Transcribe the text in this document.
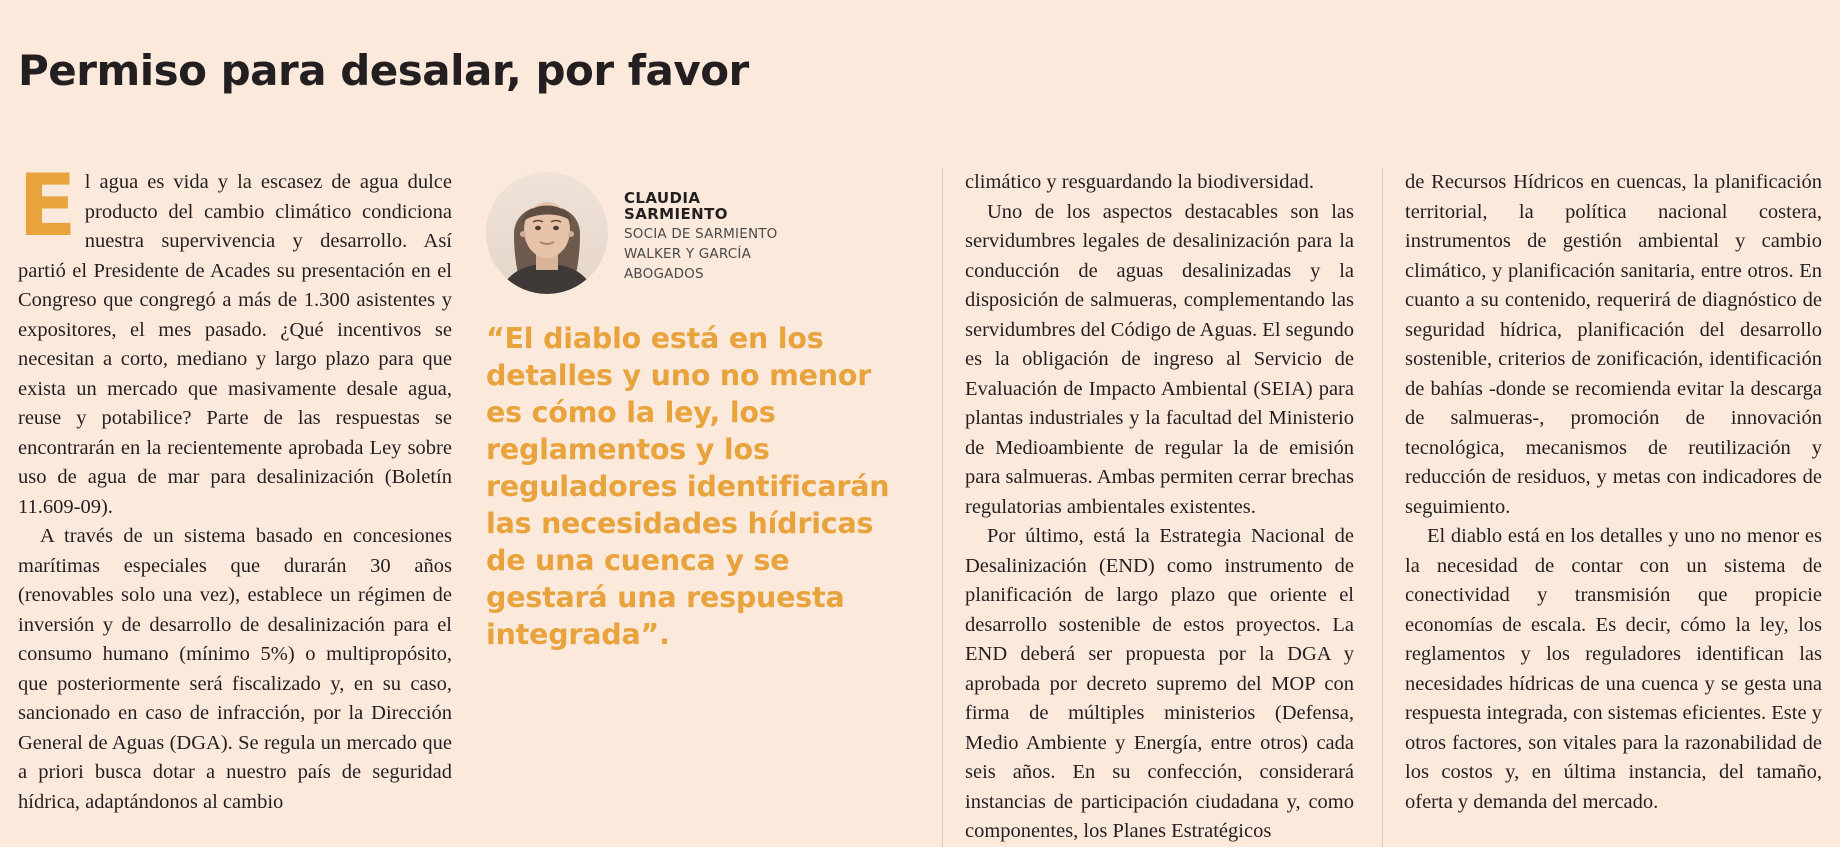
Permiso para desalar, por favor

El agua es vida y la escasez de agua dulce producto del cambio climático condiciona nuestra supervivencia y desarrollo. Así partió el Presidente de Acades su presentación en el Congreso que congregó a más de 1.300 asistentes y expositores, el mes pasado. ¿Qué incentivos se necesitan a corto, mediano y largo plazo para que exista un mercado que masivamente desale agua, reuse y potabilice? Parte de las respuestas se encontrarán en la recientemente aprobada Ley sobre uso de agua de mar para desalinización (Boletín 11.609-09).

A través de un sistema basado en concesiones marítimas especiales que durarán 30 años (renovables solo una vez), establece un régimen de inversión y de desarrollo de desalinización para el consumo humano (mínimo 5%) o multipropósito, que posteriormente será fiscalizado y, en su caso, sancionado en caso de infracción, por la Dirección General de Aguas (DGA). Se regula un mercado que a priori busca dotar a nuestro país de seguridad hídrica, adaptándonos al cambio

CLAUDIA
SARMIENTO
SOCIA DE SARMIENTO
WALKER Y GARCÍA
ABOGADOS
“El diablo está en los detalles y uno no menor es cómo la ley, los reglamentos y los reguladores identificarán las necesidades hídricas de una cuenca y se gestará una respuesta integrada”.

climático y resguardando la biodiversidad.

Uno de los aspectos destacables son las servidumbres legales de desalinización para la conducción de aguas desalinizadas y la disposición de salmueras, complementando las servidumbres del Código de Aguas. El segundo es la obligación de ingreso al Servicio de Evaluación de Impacto Ambiental (SEIA) para plantas industriales y la facultad del Ministerio de Medioambiente de regular la de emisión para salmueras. Ambas permiten cerrar brechas regulatorias ambientales existentes.

Por último, está la Estrategia Nacional de Desalinización (END) como instrumento de planificación de largo plazo que oriente el desarrollo sostenible de estos proyectos. La END deberá ser propuesta por la DGA y aprobada por decreto supremo del MOP con firma de múltiples ministerios (Defensa, Medio Ambiente y Energía, entre otros) cada seis años. En su confección, considerará instancias de participación ciudadana y, como componentes, los Planes Estratégicos

de Recursos Hídricos en cuencas, la planificación territorial, la política nacional costera, instrumentos de gestión ambiental y cambio climático, y planificación sanitaria, entre otros. En cuanto a su contenido, requerirá de diagnóstico de seguridad hídrica, planificación del desarrollo sostenible, criterios de zonificación, identificación de bahías -donde se recomienda evitar la descarga de salmueras-, promoción de innovación tecnológica, mecanismos de reutilización y reducción de residuos, y metas con indicadores de seguimiento.

El diablo está en los detalles y uno no menor es la necesidad de contar con un sistema de conectividad y transmisión que propicie economías de escala. Es decir, cómo la ley, los reglamentos y los reguladores identifican las necesidades hídricas de una cuenca y se gesta una respuesta integrada, con sistemas eficientes. Este y otros factores, son vitales para la razonabilidad de los costos y, en última instancia, del tamaño, oferta y demanda del mercado.
